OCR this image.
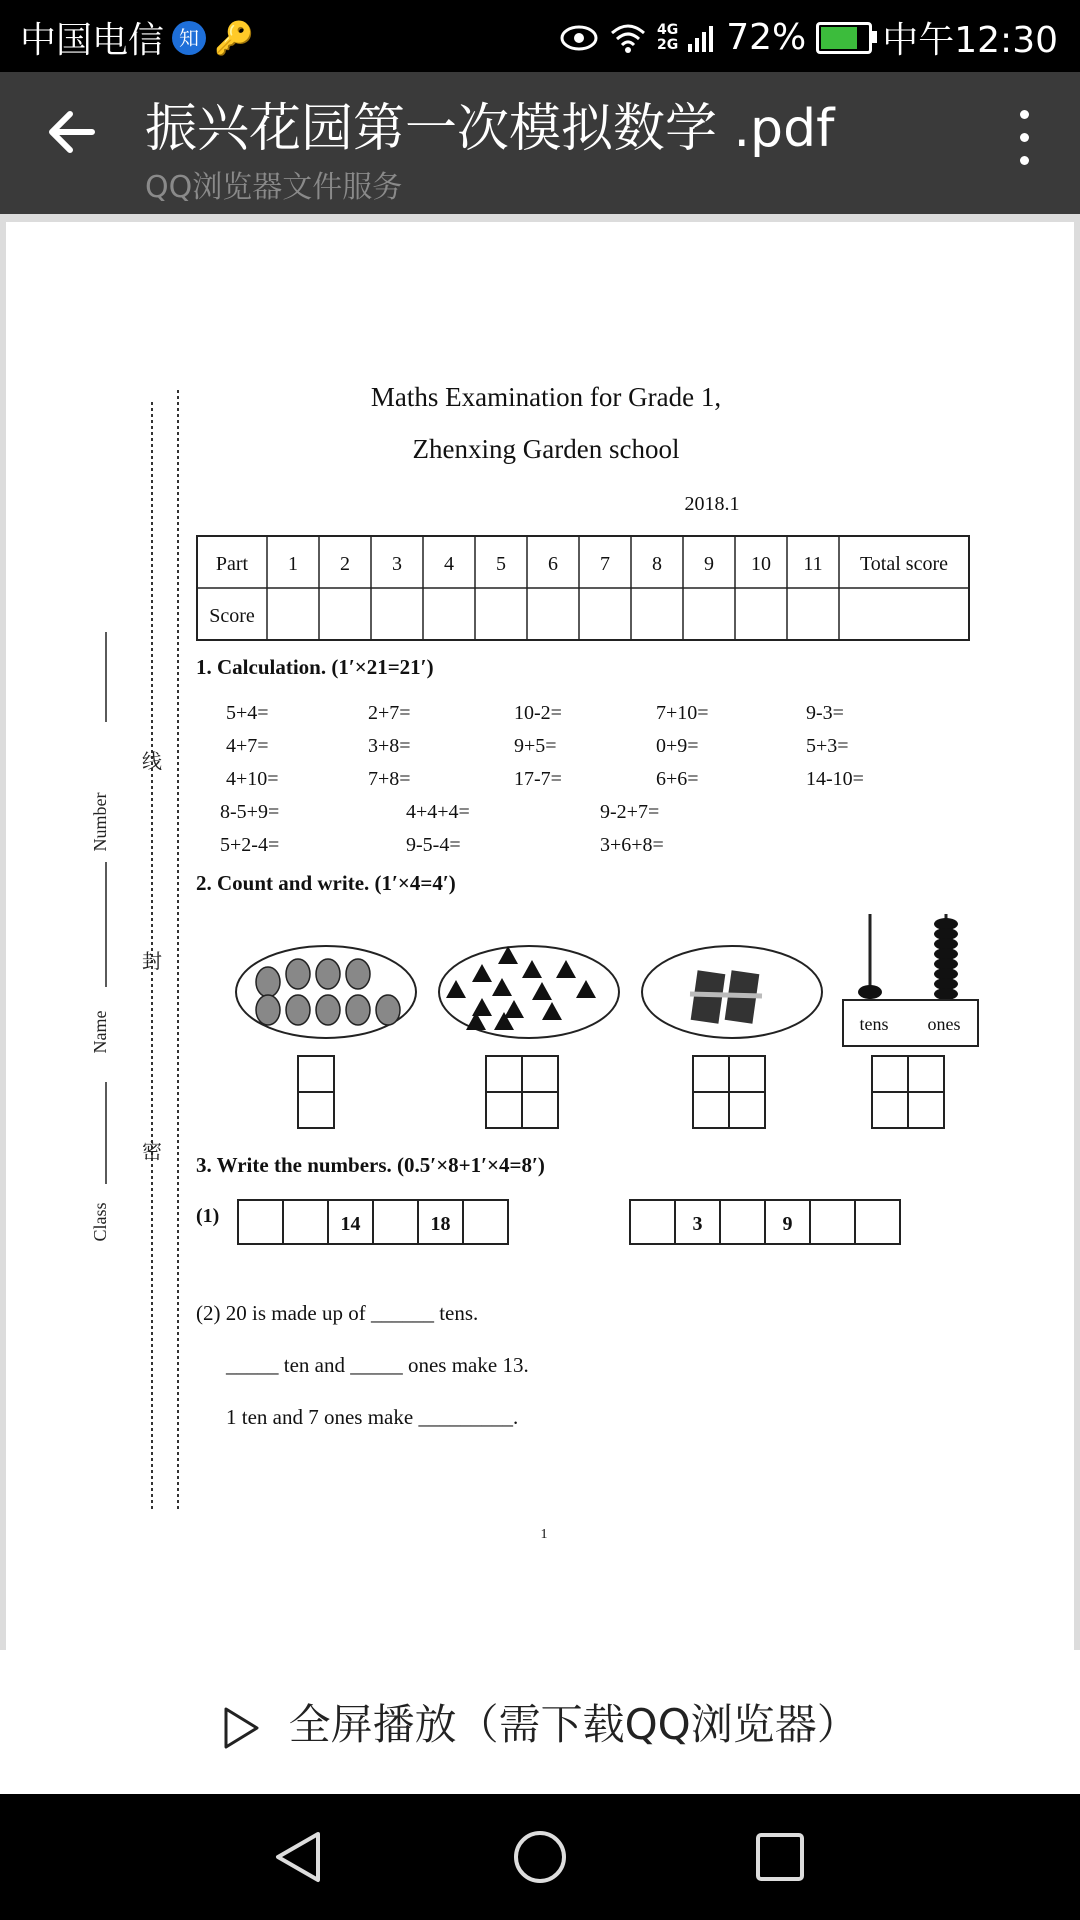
中国电信 知 🔑	4G
2G 72% 中午12:30
振兴花园第一次模拟数学 .pdf
QQ浏览器文件服务
Number
Name
Class
线
封
密
Maths Examination for Grade 1,
Zhenxing Garden school
2018.1
Part 1 2 3 4 5 6 7 8 9 10 11 Total score
Score
1. Calculation. (1′×21=21′)
5+4=	2+7=	10-2=	7+10=	9-3=
4+7=	3+8=	9+5=	0+9=	5+3=
4+10=	7+8=	17-7=	6+6=	14-10=
8-5+9=	4+4+4=	9-2+7=
5+2-4=	9-5-4=	3+6+8=
2. Count and write. (1′×4=4′)
tens ones
3. Write the numbers. (0.5′×8+1′×4=8′)
(1)	14	18	3	9
(2) 20 is made up of ______ tens.
_____ ten and _____ ones make 13.
1 ten and 7 ones make _________.
1
全屏播放（需下载QQ浏览器）
